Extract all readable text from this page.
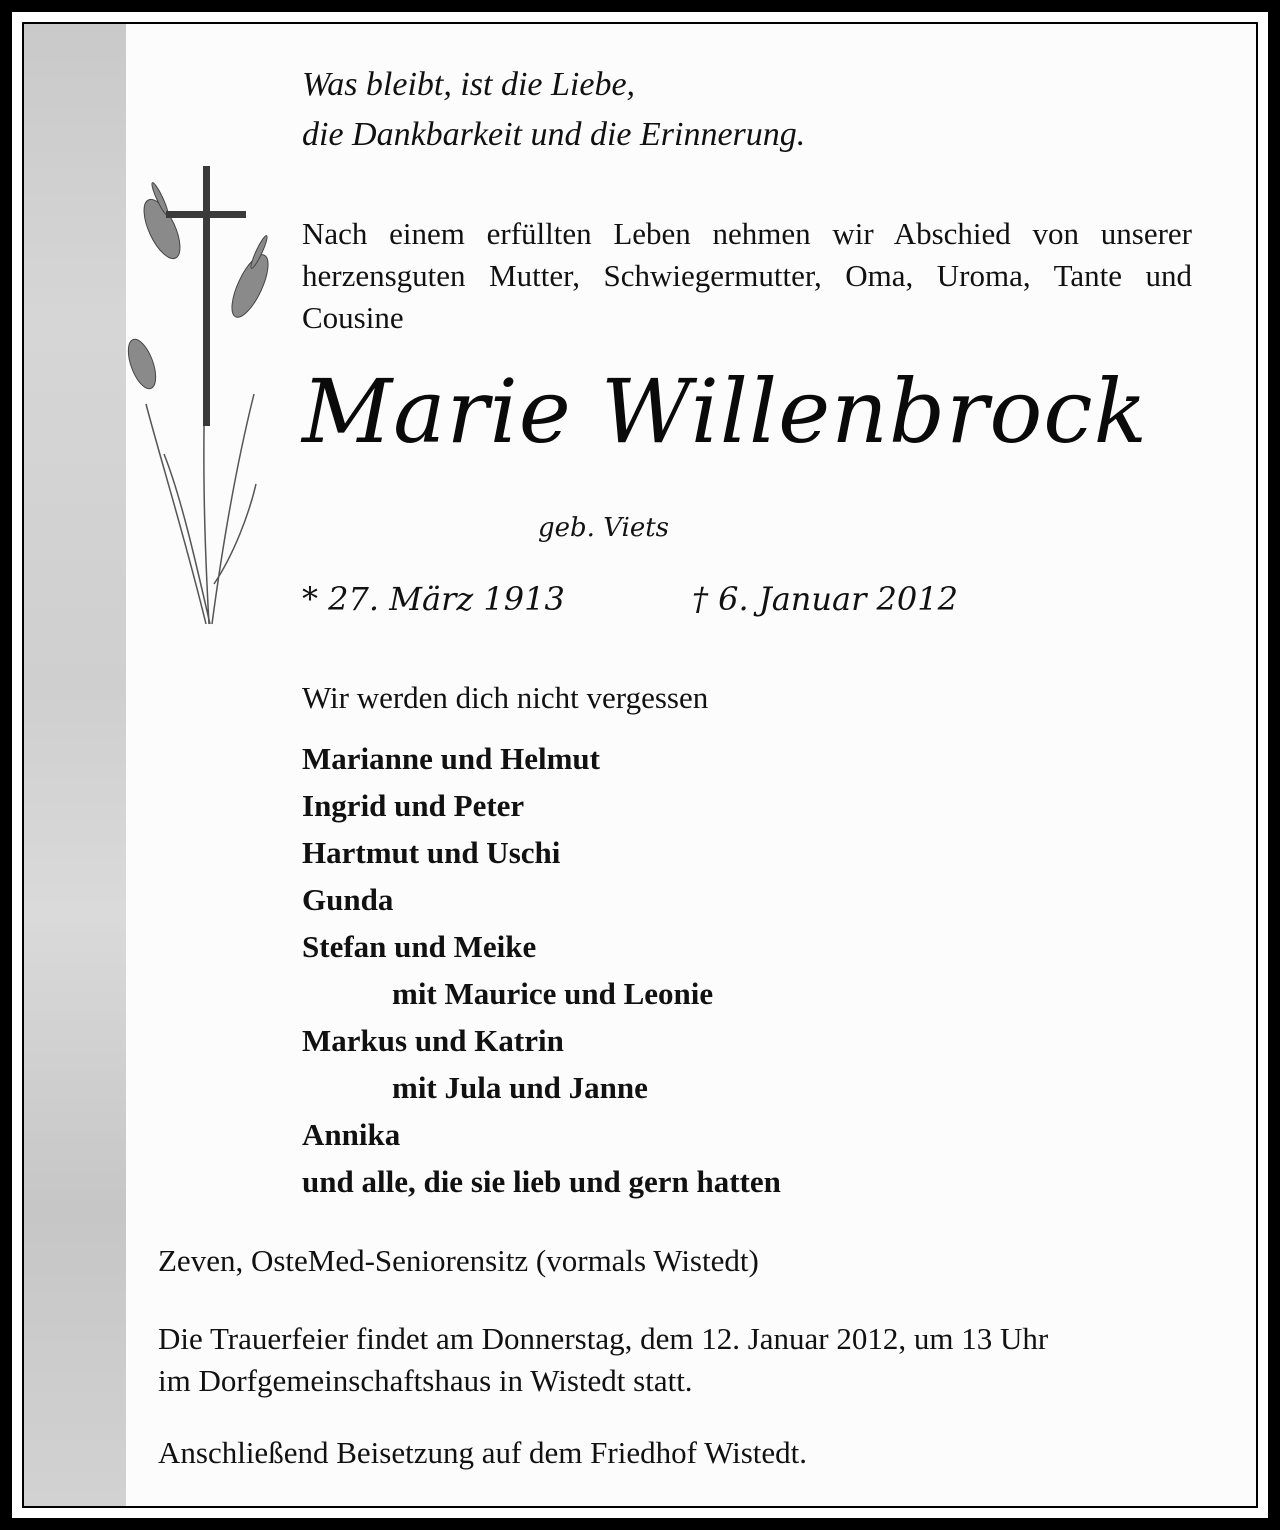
Was bleibt, ist die Liebe,
die Dankbarkeit und die Erinnerung.
Nach einem erfüllten Leben nehmen wir Abschied von unserer herzensguten Mutter, Schwiegermutter, Oma, Uroma, Tante und Cousine
Marie Willenbrock
geb. Viets
* 27. März 1913	† 6. Januar 2012
Wir werden dich nicht vergessen
Marianne und Helmut
Ingrid und Peter
Hartmut und Uschi
Gunda
Stefan und Meike
mit Maurice und Leonie
Markus und Katrin
mit Jula und Janne
Annika
und alle, die sie lieb und gern hatten
Zeven, OsteMed-Seniorensitz (vormals Wistedt)
Die Trauerfeier findet am Donnerstag, dem 12. Januar 2012, um 13 Uhr
im Dorfgemeinschaftshaus in Wistedt statt.
Anschließend Beisetzung auf dem Friedhof Wistedt.
